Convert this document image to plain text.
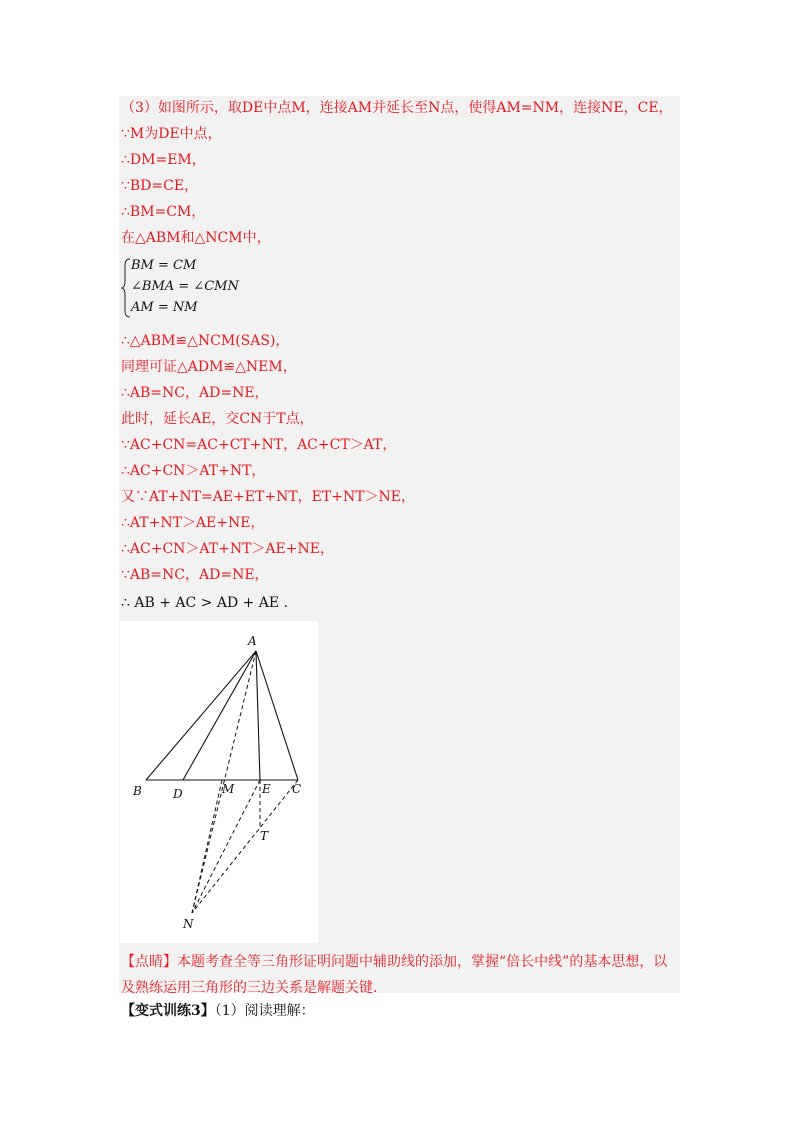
（3）如图所示，取DE中点M，连接AM并延长至N点，使得AM=NM，连接NE，CE，
∵M为DE中点，
∴DM=EM，
∵BD=CE，
∴BM=CM，
在△ABM和△NCM中，
BM = CM
∠BMA = ∠CMN
AM = NM
∴△ABM≌△NCM(SAS)，
同理可证△ADM≌△NEM，
∴AB=NC，AD=NE，
此时，延长AE，交CN于T点，
∵AC+CN=AC+CT+NT，AC+CT＞AT，
∴AC+CN＞AT+NT，
又∵AT+NT=AE+ET+NT，ET+NT＞NE，
∴AT+NT＞AE+NE，
∴AC+CN＞AT+NT＞AE+NE，
∵AB=NC，AD=NE，
∴ AB + AC > AD + AE .
A
B	D	M E C
T
N
【点睛】本题考查全等三角形证明问题中辅助线的添加，掌握“倍长中线”的基本思想，以及熟练运用三角形的三边关系是解题关键.
【变式训练3】（1）阅读理解：
